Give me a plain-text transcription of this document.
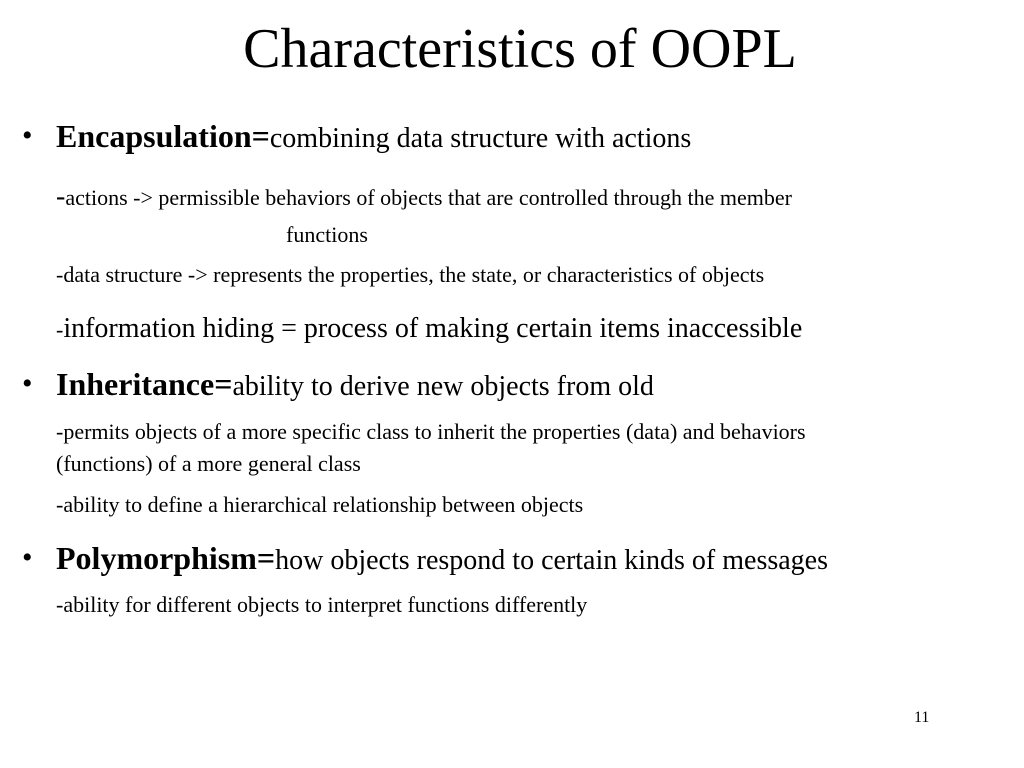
Characteristics of OOPL
• Encapsulation=combining data structure with actions
-actions -> permissible behaviors of objects that are controlled through the member
functions
-data structure -> represents the properties, the state, or characteristics of objects
-information hiding = process of making certain items inaccessible
• Inheritance=ability to derive new objects from old
-permits objects of a more specific class to inherit the properties (data) and behaviors
(functions) of a more general class
-ability to define a hierarchical relationship between objects
• Polymorphism=how objects respond to certain kinds of messages
-ability for different objects to interpret functions differently
11
